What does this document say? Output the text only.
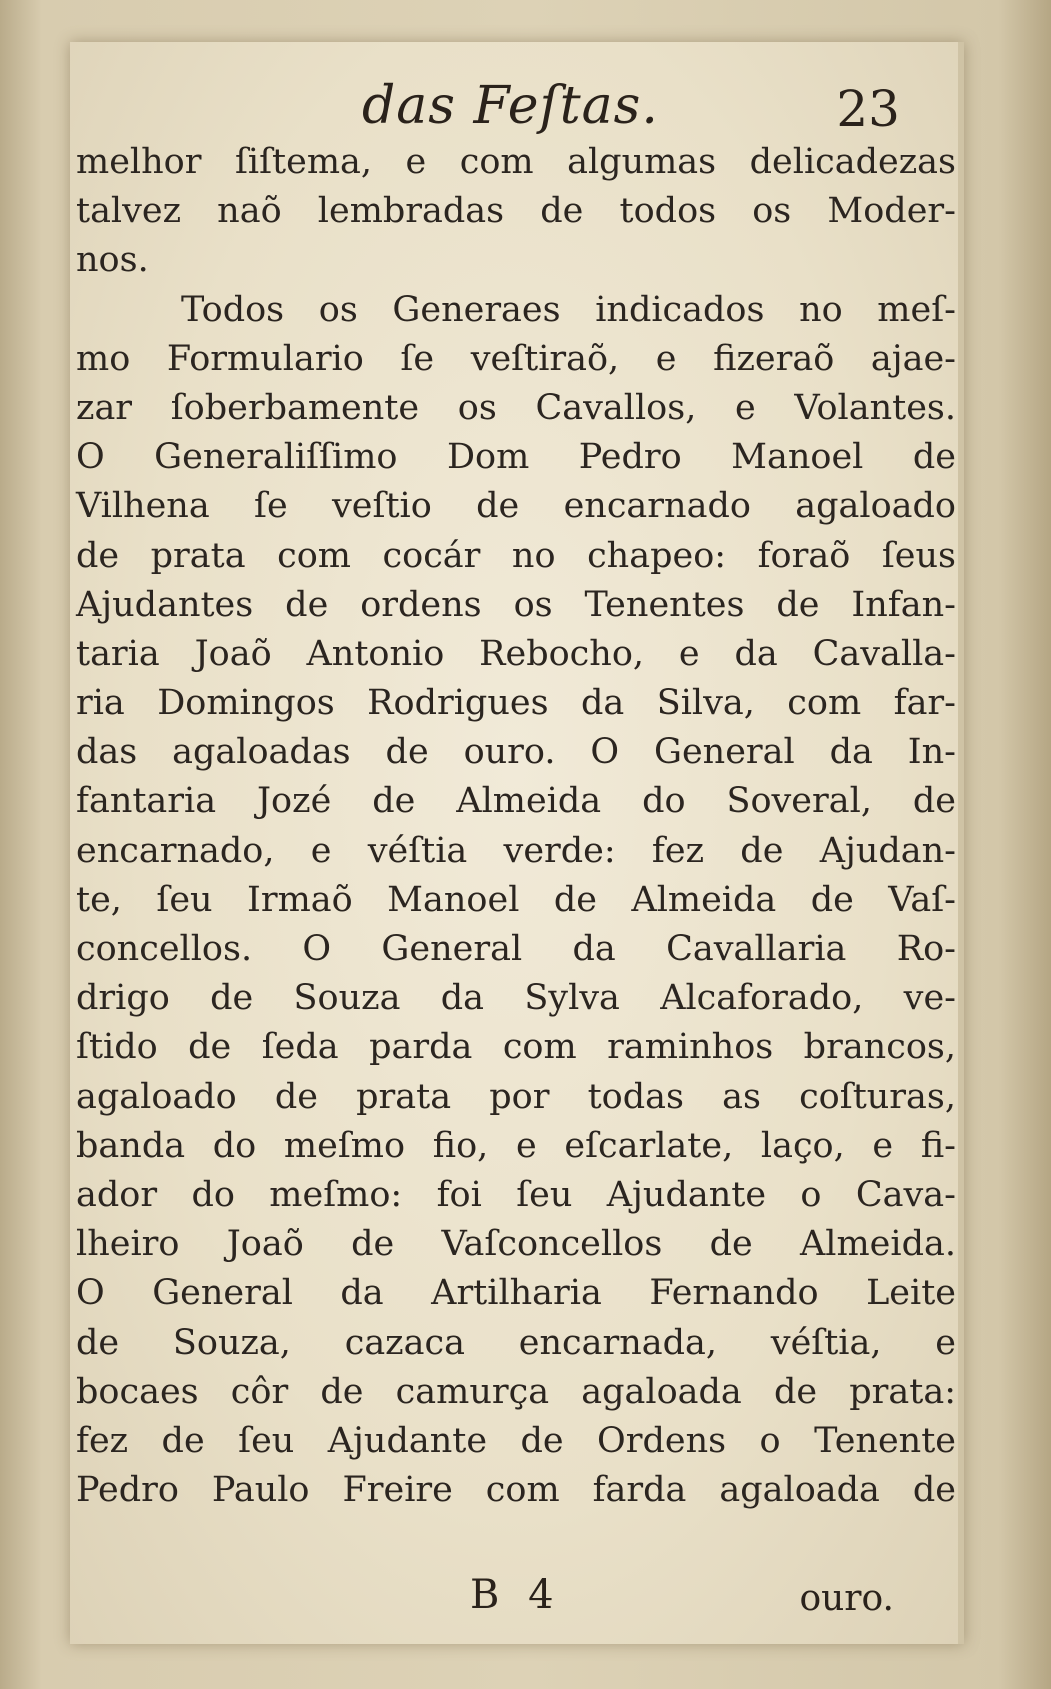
das Feſtas.	23
melhor ſiſtema, e com algumas delicadezas
talvez naõ lembradas de todos os Moder-
nos.
Todos os Generaes indicados no meſ-
mo Formulario ſe veſtiraõ, e fizeraõ ajae-
zar ſoberbamente os Cavallos, e Volantes.
O Generaliſſimo Dom Pedro Manoel de
Vilhena ſe veſtio de encarnado agaloado
de prata com cocár no chapeo: foraõ ſeus
Ajudantes de ordens os Tenentes de Infan-
taria Joaõ Antonio Rebocho, e da Cavalla-
ria Domingos Rodrigues da Silva, com far-
das agaloadas de ouro. O General da In-
fantaria Jozé de Almeida do Soveral, de
encarnado, e véſtia verde: fez de Ajudan-
te, ſeu Irmaõ Manoel de Almeida de Vaſ-
concellos. O General da Cavallaria Ro-
drigo de Souza da Sylva Alcaforado, ve-
ſtido de ſeda parda com raminhos brancos,
agaloado de prata por todas as coſturas,
banda do meſmo fio, e eſcarlate, laço, e fi-
ador do meſmo: foi ſeu Ajudante o Cava-
lheiro Joaõ de Vaſconcellos de Almeida.
O General da Artilharia Fernando Leite
de Souza, cazaca encarnada, véſtia, e
bocaes côr de camurça agaloada de prata:
fez de ſeu Ajudante de Ordens o Tenente
Pedro Paulo Freire com farda agaloada de
B 4	ouro.
